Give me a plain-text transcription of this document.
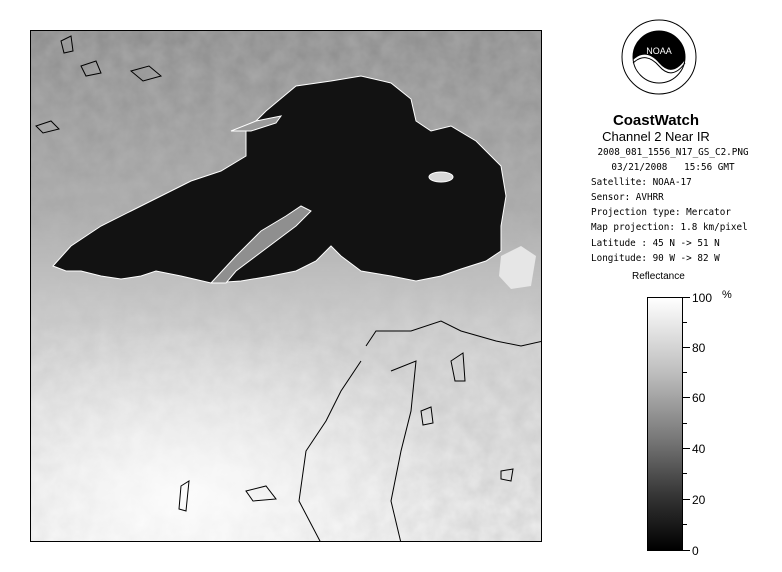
NOAA
CoastWatch
Channel 2 Near IR
2008_081_1556_N17_GS_C2.PNG
03/21/2008   15:56 GMT
Satellite: NOAA-17
Sensor: AVHRR
Projection type: Mercator
Map projection: 1.8 km/pixel
Latitude : 45 N -> 51 N
Longitude: 90 W -> 82 W
Reflectance
%
100
80
60
40
20
0
